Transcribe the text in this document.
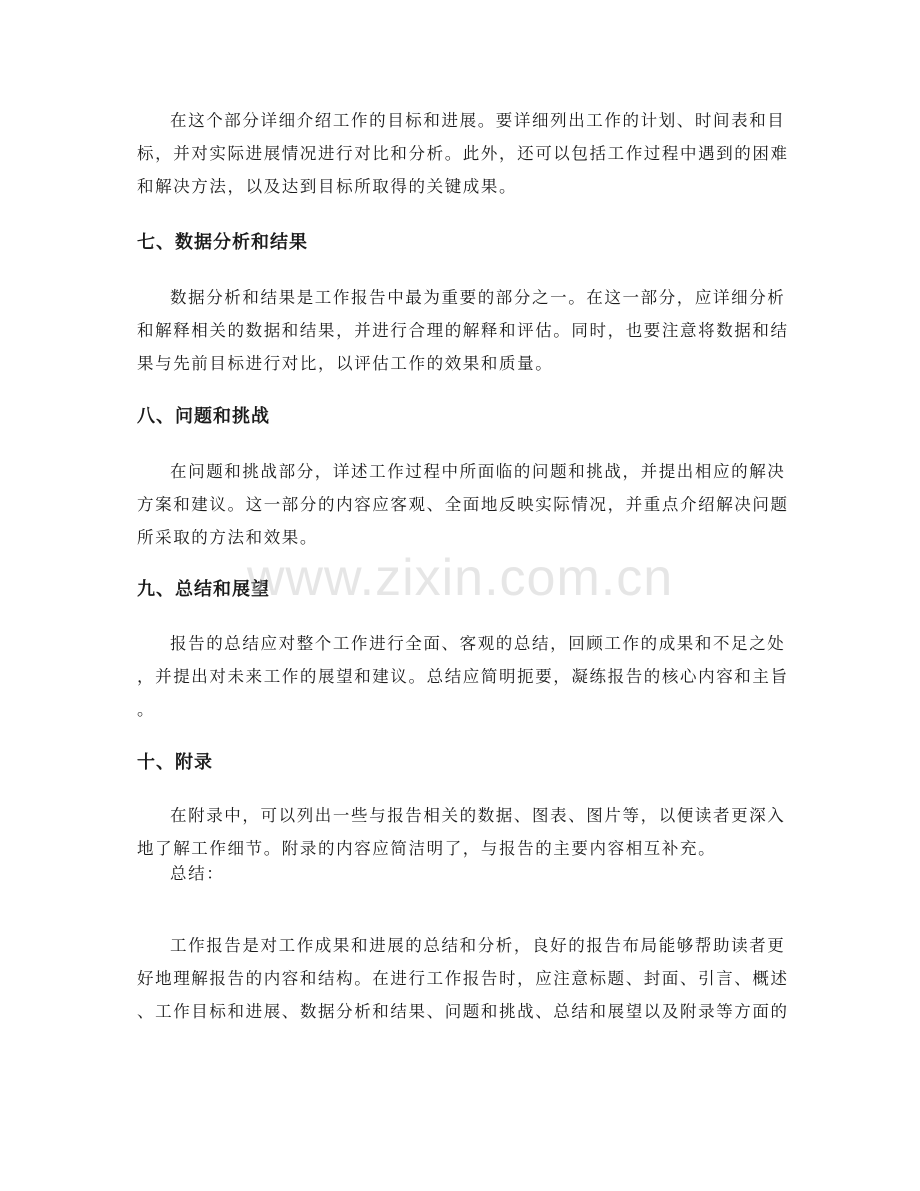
在这个部分详细介绍工作的目标和进展。要详细列出工作的计划、时间表和目
标，并对实际进展情况进行对比和分析。此外，还可以包括工作过程中遇到的困难
和解决方法，以及达到目标所取得的关键成果。
七、数据分析和结果
数据分析和结果是工作报告中最为重要的部分之一。在这一部分，应详细分析
和解释相关的数据和结果，并进行合理的解释和评估。同时，也要注意将数据和结
果与先前目标进行对比，以评估工作的效果和质量。
八、问题和挑战
在问题和挑战部分，详述工作过程中所面临的问题和挑战，并提出相应的解决
方案和建议。这一部分的内容应客观、全面地反映实际情况，并重点介绍解决问题
所采取的方法和效果。
九、总结和展望
报告的总结应对整个工作进行全面、客观的总结，回顾工作的成果和不足之处
，并提出对未来工作的展望和建议。总结应简明扼要，凝练报告的核心内容和主旨
。
十、附录
在附录中，可以列出一些与报告相关的数据、图表、图片等，以便读者更深入
地了解工作细节。附录的内容应简洁明了，与报告的主要内容相互补充。
总结：
工作报告是对工作成果和进展的总结和分析，良好的报告布局能够帮助读者更
好地理解报告的内容和结构。在进行工作报告时，应注意标题、封面、引言、概述
、工作目标和进展、数据分析和结果、问题和挑战、总结和展望以及附录等方面的
www.zixin.com.cn
